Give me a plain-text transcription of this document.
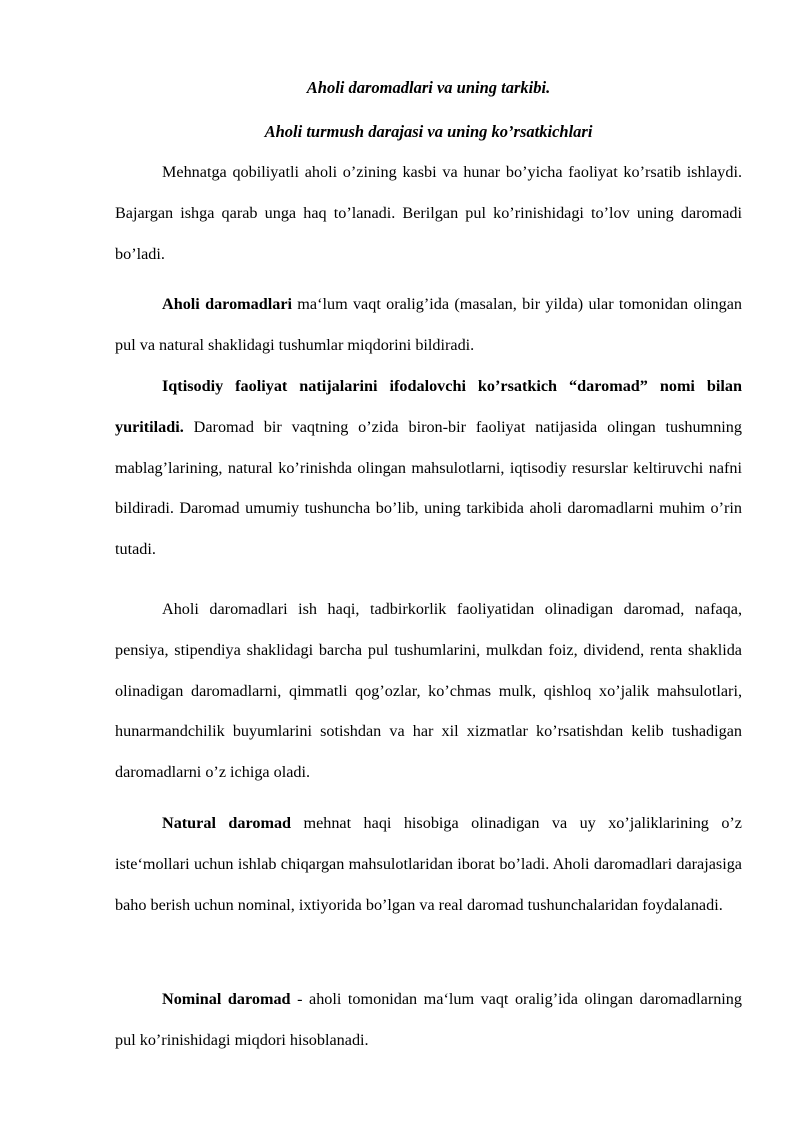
Aholi daromadlari va uning tarkibi.
Aholi turmush darajasi va uning ko’rsatkichlari

Mehnatga qobiliyatli aholi o’zining kasbi va hunar bo’yicha faoliyat ko’rsatib ishlaydi. Bajargan ishga qarab unga haq to’lanadi. Berilgan pul ko’rinishidagi to’lov uning daromadi bo’ladi.

Aholi daromadlari ma‘lum vaqt oralig’ida (masalan, bir yilda) ular tomonidan olingan pul va natural shaklidagi tushumlar miqdorini bildiradi.

Iqtisodiy faoliyat natijalarini ifodalovchi ko’rsatkich “daromad” nomi bilan yuritiladi. Daromad bir vaqtning o’zida biron-bir faoliyat natijasida olingan tushumning mablag’larining, natural ko’rinishda olingan mahsulotlarni, iqtisodiy resurslar keltiruvchi nafni bildiradi. Daromad umumiy tushuncha bo’lib, uning tarkibida aholi daromadlarni muhim o’rin tutadi.

Aholi daromadlari ish haqi, tadbirkorlik faoliyatidan olinadigan daromad, nafaqa, pensiya, stipendiya shaklidagi barcha pul tushumlarini, mulkdan foiz, dividend, renta shaklida olinadigan daromadlarni, qimmatli qog’ozlar, ko’chmas mulk, qishloq xo’jalik mahsulotlari, hunarmandchilik buyumlarini sotishdan va har xil xizmatlar ko’rsatishdan kelib tushadigan daromadlarni o’z ichiga oladi.

Natural daromad mehnat haqi hisobiga olinadigan va uy xo’jaliklarining o’z iste‘mollari uchun ishlab chiqargan mahsulotlaridan iborat bo’ladi. Aholi daromadlari darajasiga baho berish uchun nominal, ixtiyorida bo’lgan va real daromad tushunchalaridan foydalanadi.

Nominal daromad - aholi tomonidan ma‘lum vaqt oralig’ida olingan daromadlarning pul ko’rinishidagi miqdori hisoblanadi.
